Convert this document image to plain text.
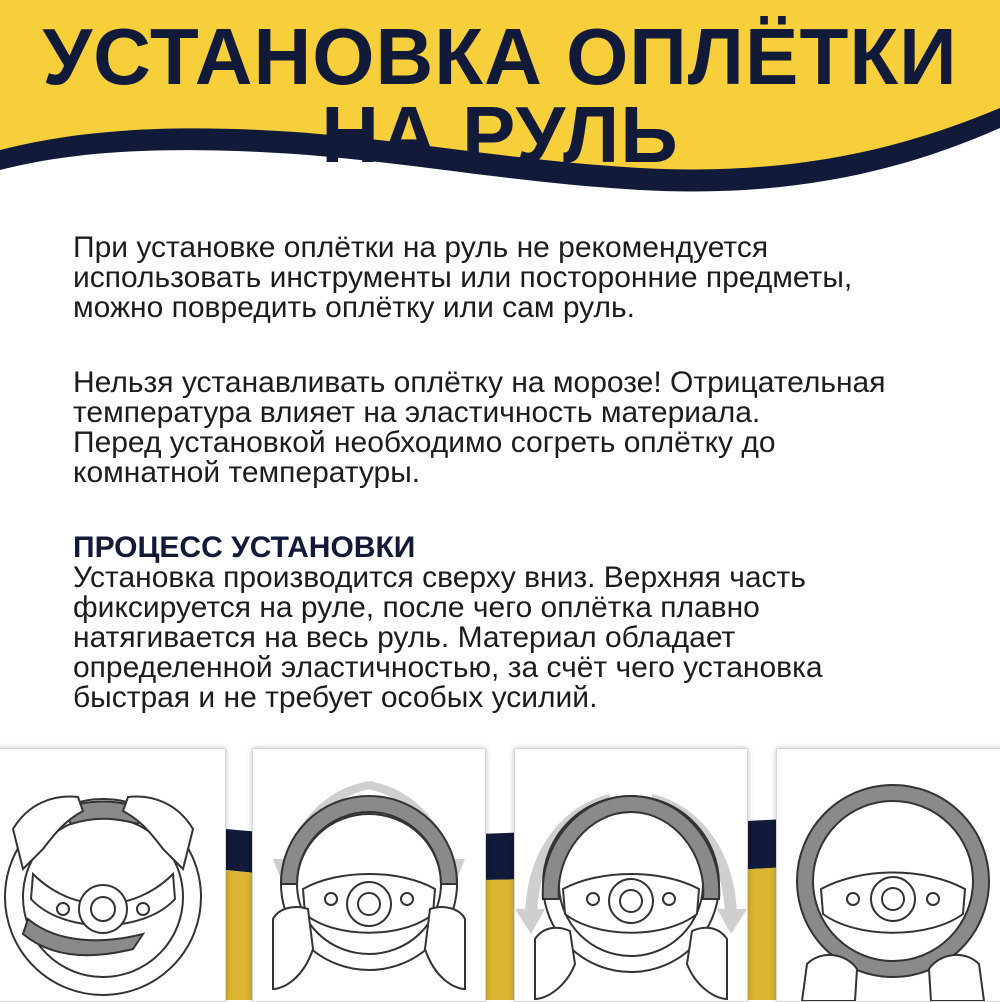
УСТАНОВКА ОПЛЁТКИ
НА РУЛЬ

При установке оплётки на руль не рекомендуется
использовать инструменты или посторонние предметы,
можно повредить оплётку или сам руль.

Нельзя устанавливать оплётку на морозе! Отрицательная
температура влияет на эластичность материала.
Перед установкой необходимо согреть оплётку до
комнатной температуры.

ПРОЦЕСС УСТАНОВКИ

Установка производится сверху вниз. Верхняя часть
фиксируется на руле, после чего оплётка плавно
натягивается на весь руль. Материал обладает
определенной эластичностью, за счёт чего установка
быстрая и не требует особых усилий.
